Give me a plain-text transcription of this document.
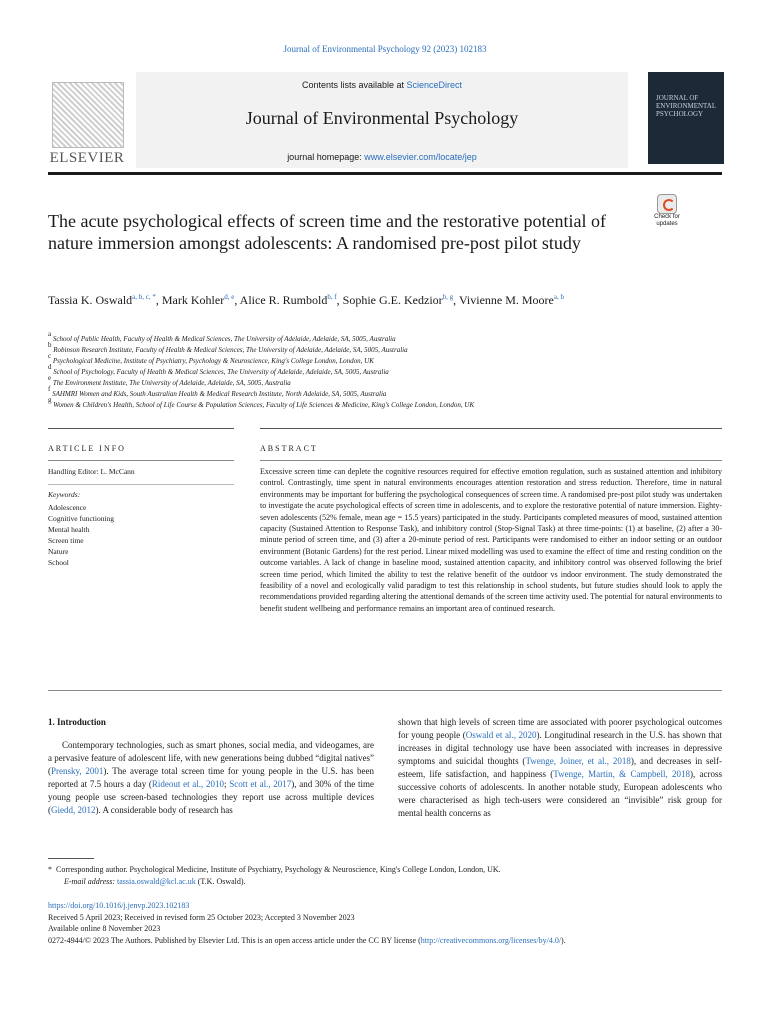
Journal of Environmental Psychology 92 (2023) 102183
ELSEVIER
Contents lists available at ScienceDirect
Journal of Environmental Psychology
journal homepage: www.elsevier.com/locate/jep
JOURNAL OF ENVIRONMENTAL PSYCHOLOGY
The acute psychological effects of screen time and the restorative potential of nature immersion amongst adolescents: A randomised pre-post pilot study
Check for
updates
Tassia K. Oswald$^{a, b, c, *}$, Mark Kohler$^{d, e}$, Alice R. Rumbold$^{b, f}$, Sophie G.E. Kedzior$^{b, g}$, Vivienne M. Moore$^{a, b}$
$^a$ School of Public Health, Faculty of Health & Medical Sciences, The University of Adelaide, Adelaide, SA, 5005, Australia
$^b$ Robinson Research Institute, Faculty of Health & Medical Sciences, The University of Adelaide, Adelaide, SA, 5005, Australia
$^c$ Psychological Medicine, Institute of Psychiatry, Psychology & Neuroscience, King's College London, London, UK
$^d$ School of Psychology, Faculty of Health & Medical Sciences, The University of Adelaide, Adelaide, SA, 5005, Australia
$^e$ The Environment Institute, The University of Adelaide, Adelaide, SA, 5005, Australia
$^f$ SAHMRI Women and Kids, South Australian Health & Medical Research Institute, North Adelaide, SA, 5005, Australia
$^g$ Women & Children's Health, School of Life Course & Population Sciences, Faculty of Life Sciences & Medicine, King's College London, London, UK
ARTICLE INFO	ABSTRACT
Handling Editor: L. McCann
Keywords:
Adolescence
Cognitive functioning
Mental health
Screen time
Nature
School
Excessive screen time can deplete the cognitive resources required for effective emotion regulation, such as sustained attention and inhibitory control. Contrastingly, time spent in natural environments encourages attention restoration and stress reduction. Therefore, time in natural environments may be important for buffering the psychological consequences of screen time. A randomised pre-post pilot study was undertaken to investigate the acute psychological effects of screen time in adolescents, and to explore the restorative potential of nature immersion. Eighty-seven adolescents (52% female, mean age = 15.5 years) participated in the study. Participants completed measures of mood, sustained attention capacity (Sustained Attention to Response Task), and inhibitory control (Stop-Signal Task) at three time-points: (1) at baseline, (2) after a 30-minute period of screen time, and (3) after a 20-minute period of rest. Participants were randomised to either an indoor setting or an outdoor environment (Botanic Gardens) for the rest period. Linear mixed modelling was used to examine the effect of time and resting condition on the outcome variables. A lack of change in baseline mood, sustained attention capacity, and inhibitory control was observed following the brief screen time period, which limited the ability to test the relative benefit of the outdoor vs indoor environment. The study demonstrated the feasibility of a novel and ecologically valid paradigm to test this relationship in school students, but future studies should look to apply the recommendations provided regarding altering the attentional demands of the screen time activity used. The potential for natural environments to benefit student wellbeing and performance remains an important area of continued research.
1. Introduction
Contemporary technologies, such as smart phones, social media, and videogames, are a pervasive feature of adolescent life, with new generations being dubbed “digital natives” (Prensky, 2001). The average total screen time for young people in the U.S. has been reported at 7.5 hours a day (Rideout et al., 2010; Scott et al., 2017), and 30% of the time young people use screen-based technologies they report use across multiple devices (Giedd, 2012). A considerable body of research has
shown that high levels of screen time are associated with poorer psychological outcomes for young people (Oswald et al., 2020). Longitudinal research in the U.S. has shown that increases in digital technology use have been associated with increases in depressive symptoms and suicidal thoughts (Twenge, Joiner, et al., 2018), and decreases in self-esteem, life satisfaction, and happiness (Twenge, Martin, & Campbell, 2018), across successive cohorts of adolescents. In another notable study, European adolescents who were characterised as high tech-users were considered an “invisible” risk group for mental health concerns as
* Corresponding author. Psychological Medicine, Institute of Psychiatry, Psychology & Neuroscience, King's College London, London, UK.
E-mail address: tassia.oswald@kcl.ac.uk (T.K. Oswald).
https://doi.org/10.1016/j.jenvp.2023.102183
Received 5 April 2023; Received in revised form 25 October 2023; Accepted 3 November 2023
Available online 8 November 2023
0272-4944/© 2023 The Authors. Published by Elsevier Ltd. This is an open access article under the CC BY license (http://creativecommons.org/licenses/by/4.0/).
